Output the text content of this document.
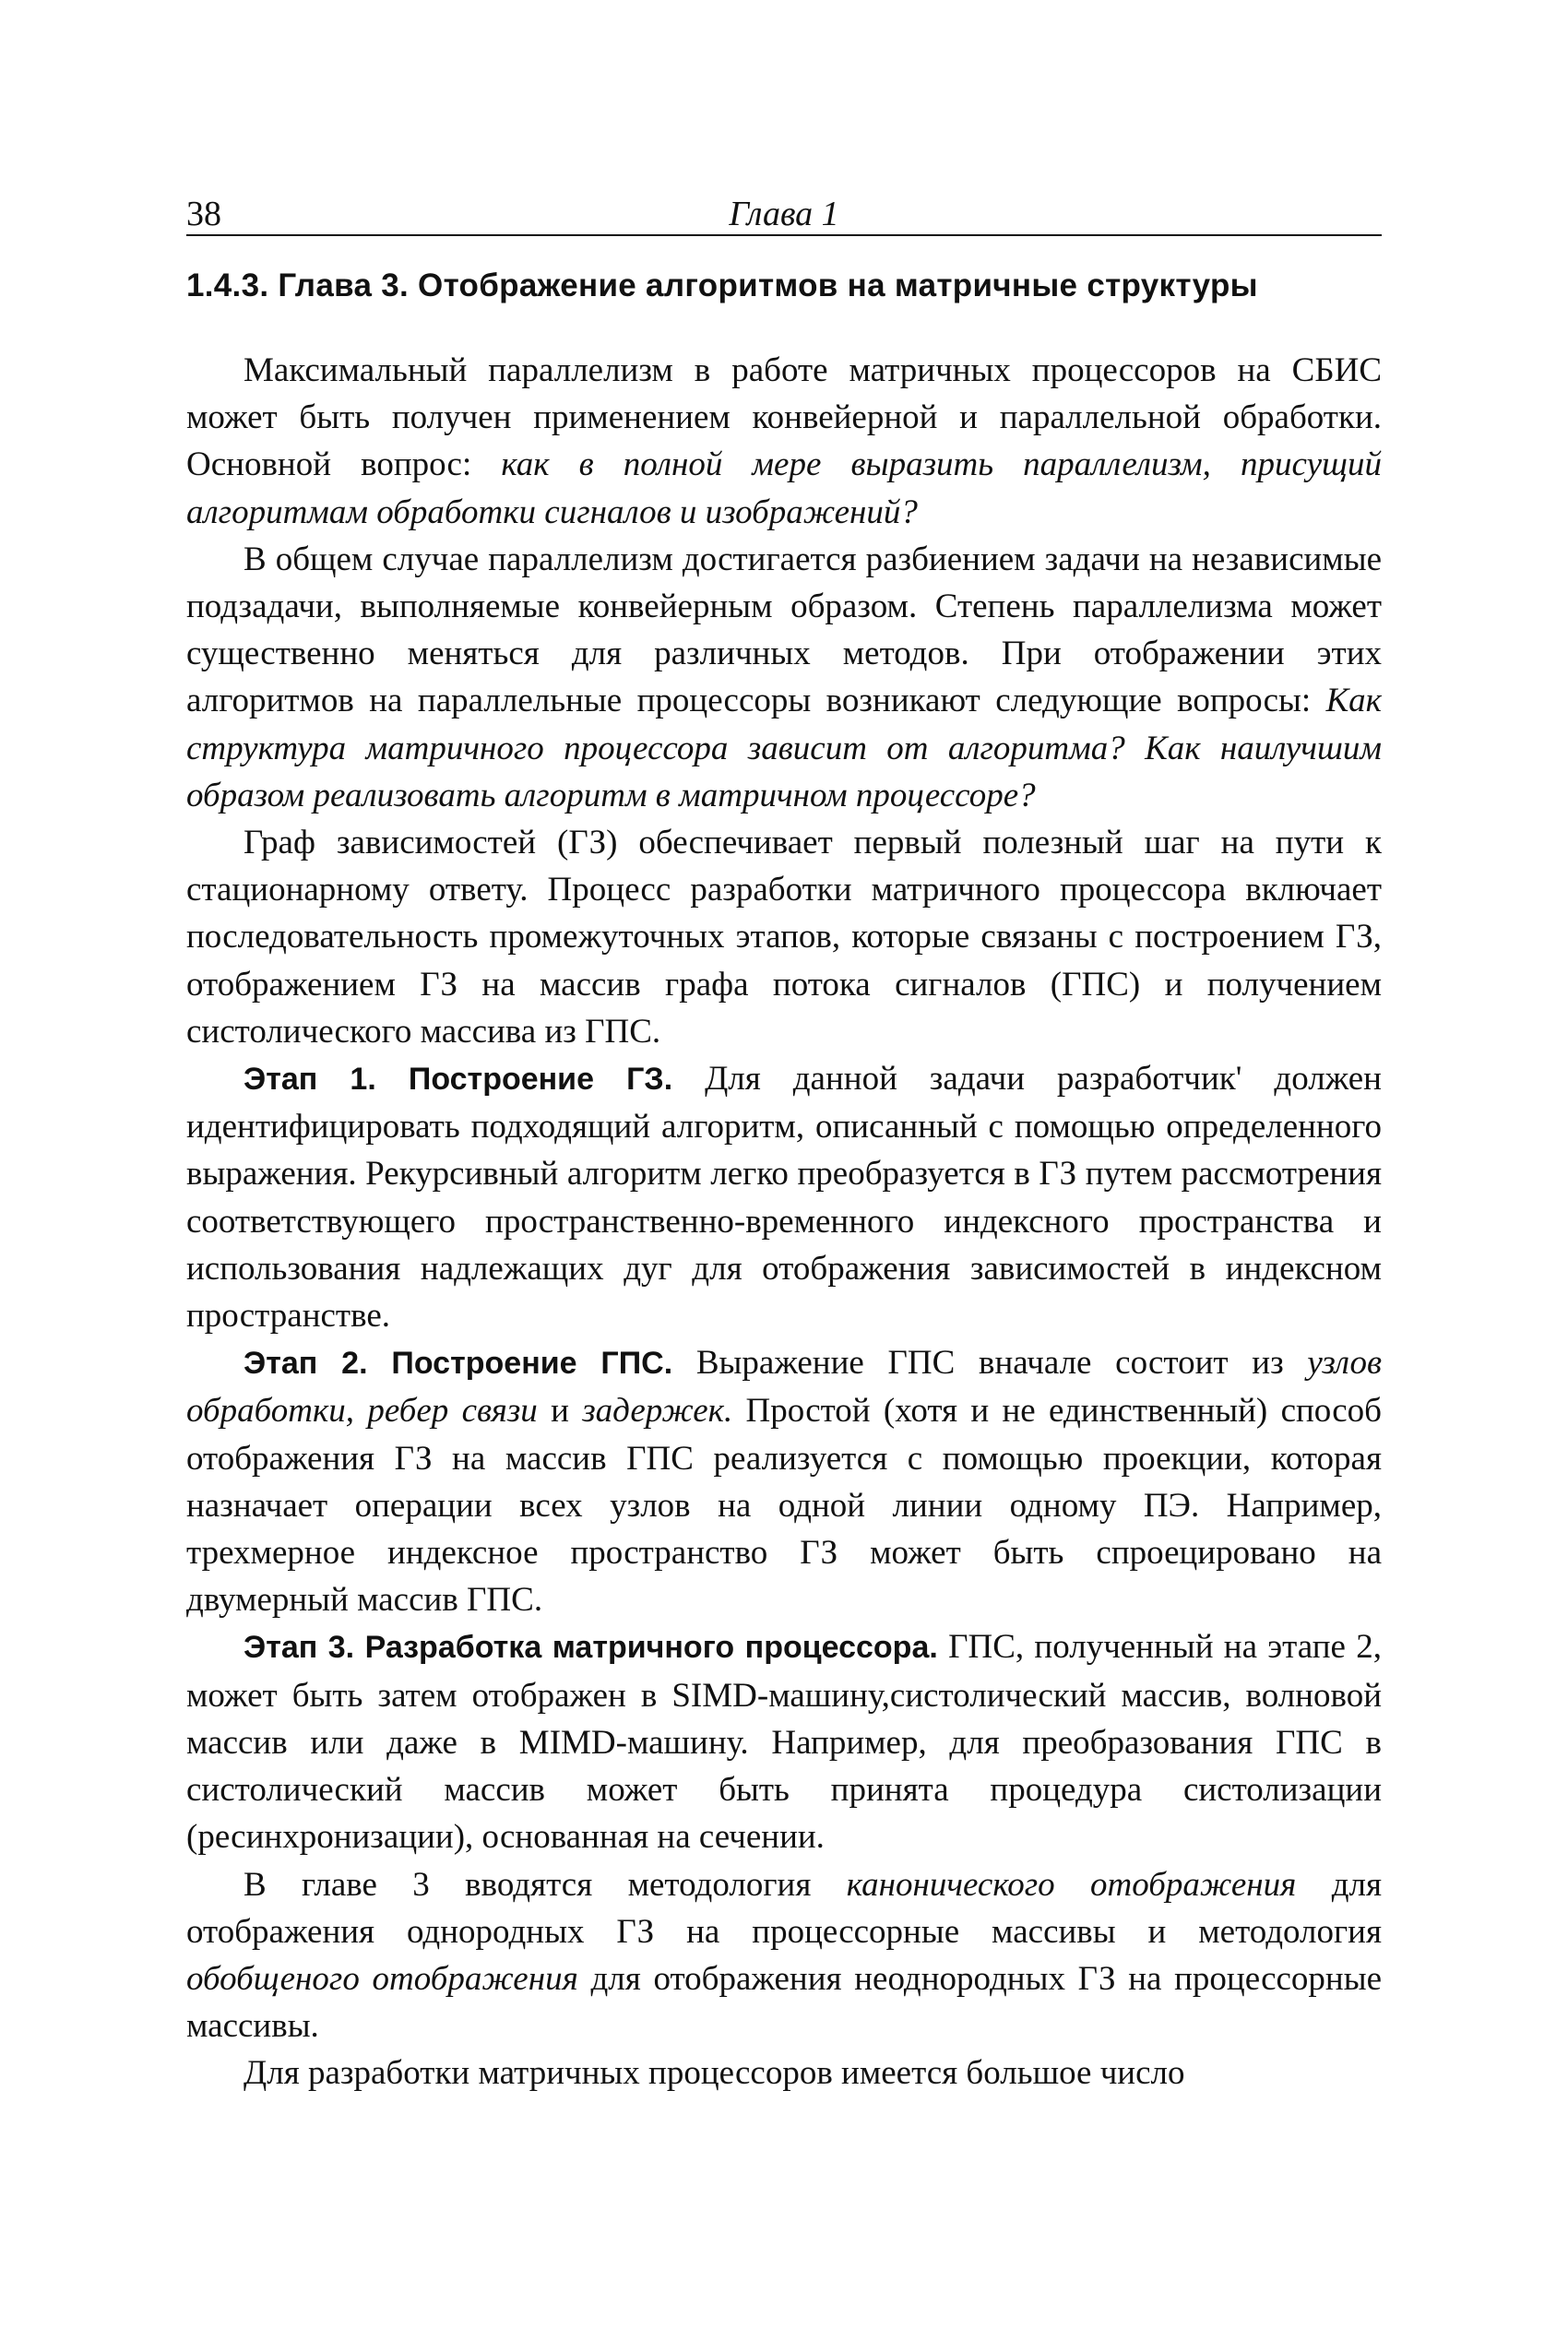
38	Глава 1
1.4.3. Глава 3. Отображение алгоритмов на матричные структуры

Максимальный параллелизм в работе матричных процессоров на СБИС может быть получен применением конвейерной и параллельной обработки. Основной вопрос: как в полной мере выразить параллелизм, присущий алгоритмам обработки сигналов и изображений?

В общем случае параллелизм достигается разбиением задачи на независимые подзадачи, выполняемые конвейерным образом. Степень параллелизма может существенно меняться для различных методов. При отображении этих алгоритмов на параллельные процессоры возникают следующие вопросы: Как структура матричного процессора зависит от алгоритма? Как наилучшим образом реализовать алгоритм в матричном процессоре?

Граф зависимостей (ГЗ) обеспечивает первый полезный шаг на пути к стационарному ответу. Процесс разработки матричного процессора включает последовательность промежуточных этапов, которые связаны с построением ГЗ, отображением ГЗ на массив графа потока сигналов (ГПС) и получением систолического массива из ГПС.

Этап 1. Построение ГЗ. Для данной задачи разработчик' должен идентифицировать подходящий алгоритм, описанный с помощью определенного выражения. Рекурсивный алгоритм легко преобразуется в ГЗ путем рассмотрения соответствующего пространственно-временного индексного пространства и использования надлежащих дуг для отображения зависимостей в индексном пространстве.

Этап 2. Построение ГПС. Выражение ГПС вначале состоит из узлов обработки, ребер связи и задержек. Простой (хотя и не единственный) способ отображения ГЗ на массив ГПС реализуется с помощью проекции, которая назначает операции всех узлов на одной линии одному ПЭ. Например, трехмерное индексное пространство ГЗ может быть спроецировано на двумерный массив ГПС.

Этап 3. Разработка матричного процессора. ГПС, полученный на этапе 2, может быть затем отображен в SIMD-машину,систолический массив, волновой массив или даже в MIMD-машину. Например, для преобразования ГПС в систолический массив может быть принята процедура систолизации (ресинхронизации), основанная на сечении.

В главе 3 вводятся методология канонического отображения для отображения однородных ГЗ на процессорные массивы и методология обобщеного отображения для отображения неоднородных ГЗ на процессорные массивы.

Для разработки матричных процессоров имеется большое число
